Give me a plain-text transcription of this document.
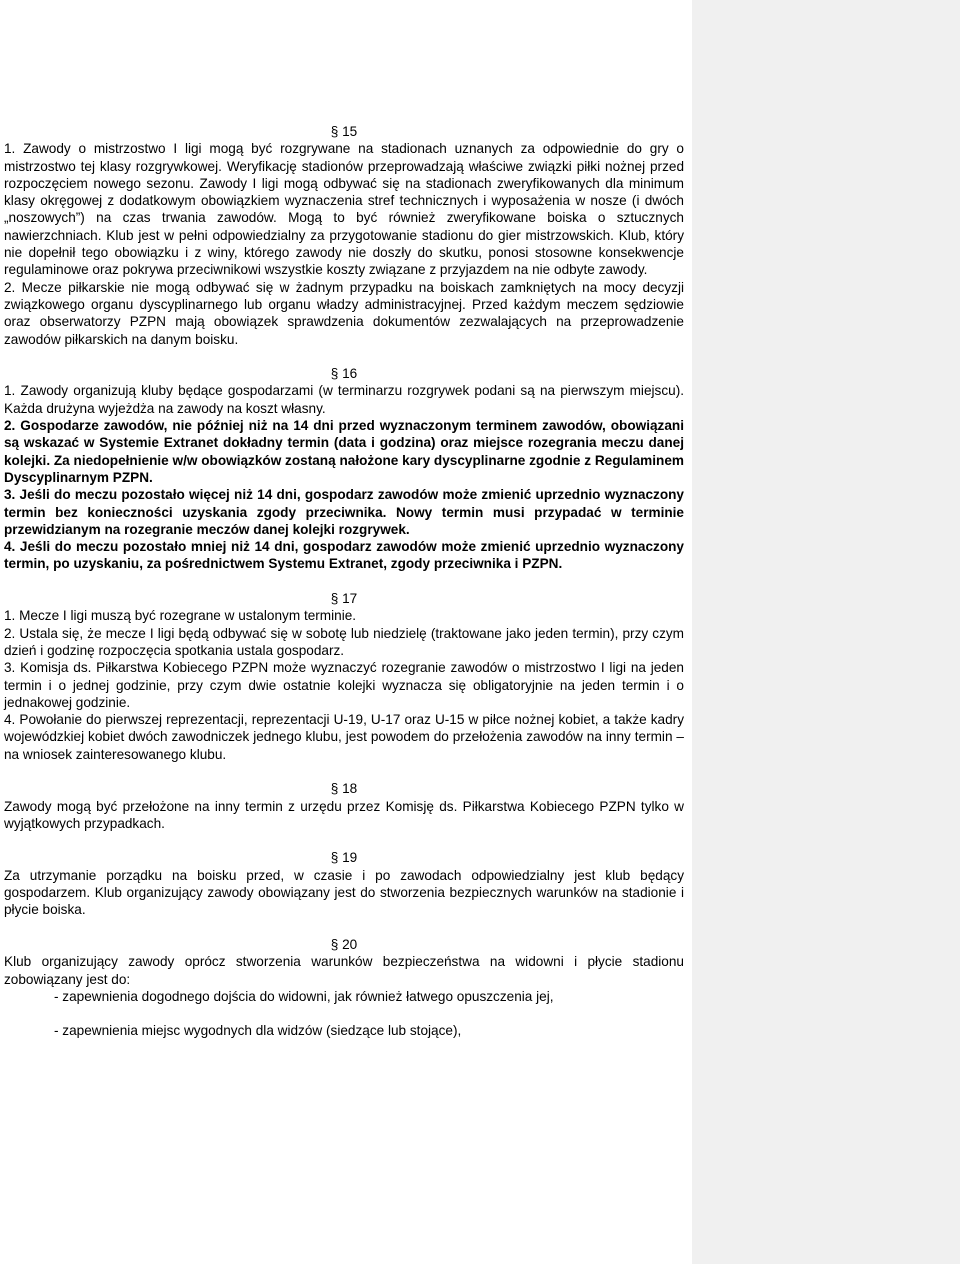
§ 15

1. Zawody o mistrzostwo I ligi mogą być rozgrywane na stadionach uznanych za odpowiednie do gry o mistrzostwo tej klasy rozgrywkowej. Weryfikację stadionów przeprowadzają właściwe związki piłki nożnej przed rozpoczęciem nowego sezonu. Zawody I ligi mogą odbywać się na stadionach zweryfikowanych dla minimum klasy okręgowej z dodatkowym obowiązkiem wyznaczenia stref technicznych i wyposażenia w nosze (i dwóch „noszowych”) na czas trwania zawodów. Mogą to być również zweryfikowane boiska o sztucznych nawierzchniach. Klub jest w pełni odpowiedzialny za przygotowanie stadionu do gier mistrzowskich. Klub, który nie dopełnił tego obowiązku i z winy, którego zawody nie doszły do skutku, ponosi stosowne konsekwencje regulaminowe oraz pokrywa przeciwnikowi wszystkie koszty związane z przyjazdem na nie odbyte zawody.

2. Mecze piłkarskie nie mogą odbywać się w żadnym przypadku na boiskach zamkniętych na mocy decyzji związkowego organu dyscyplinarnego lub organu władzy administracyjnej. Przed każdym meczem sędziowie oraz obserwatorzy PZPN mają obowiązek sprawdzenia dokumentów zezwalających na przeprowadzenie zawodów piłkarskich na danym boisku.

§ 16

1. Zawody organizują kluby będące gospodarzami (w terminarzu rozgrywek podani są na pierwszym miejscu). Każda drużyna wyjeżdża na zawody na koszt własny.

2. Gospodarze zawodów, nie później niż na 14 dni przed wyznaczonym terminem zawodów, obowiązani są wskazać w Systemie Extranet dokładny termin (data i godzina) oraz miejsce rozegrania meczu danej kolejki. Za niedopełnienie w/w obowiązków zostaną nałożone kary dyscyplinarne zgodnie z Regulaminem Dyscyplinarnym PZPN.

3. Jeśli do meczu pozostało więcej niż 14 dni, gospodarz zawodów może zmienić uprzednio wyznaczony termin bez konieczności uzyskania zgody przeciwnika. Nowy termin musi przypadać w terminie przewidzianym na rozegranie meczów danej kolejki rozgrywek.

4. Jeśli do meczu pozostało mniej niż 14 dni, gospodarz zawodów może zmienić uprzednio wyznaczony termin, po uzyskaniu, za pośrednictwem Systemu Extranet, zgody przeciwnika i PZPN.

§ 17

1. Mecze I ligi muszą być rozegrane w ustalonym terminie.

2. Ustala się, że mecze I ligi będą odbywać się w sobotę lub niedzielę (traktowane jako jeden termin), przy czym dzień i godzinę rozpoczęcia spotkania ustala gospodarz.

3. Komisja ds. Piłkarstwa Kobiecego PZPN może wyznaczyć rozegranie zawodów o mistrzostwo I ligi na jeden termin i o jednej godzinie, przy czym dwie ostatnie kolejki wyznacza się obligatoryjnie na jeden termin i o jednakowej godzinie.

4. Powołanie do pierwszej reprezentacji, reprezentacji U-19, U-17 oraz U-15 w piłce nożnej kobiet, a także kadry wojewódzkiej kobiet dwóch zawodniczek jednego klubu, jest powodem do przełożenia zawodów na inny termin – na wniosek zainteresowanego klubu.

§ 18

Zawody mogą być przełożone na inny termin z urzędu przez Komisję ds. Piłkarstwa Kobiecego PZPN tylko w wyjątkowych przypadkach.

§ 19

Za utrzymanie porządku na boisku przed, w czasie i po zawodach odpowiedzialny jest klub będący gospodarzem. Klub organizujący zawody obowiązany jest do stworzenia bezpiecznych warunków na stadionie i płycie boiska.

§ 20

Klub organizujący zawody oprócz stworzenia warunków bezpieczeństwa na widowni i płycie stadionu zobowiązany jest do:

- zapewnienia dogodnego dojścia do widowni, jak również łatwego opuszczenia jej,

- zapewnienia miejsc wygodnych dla widzów (siedzące lub stojące),
